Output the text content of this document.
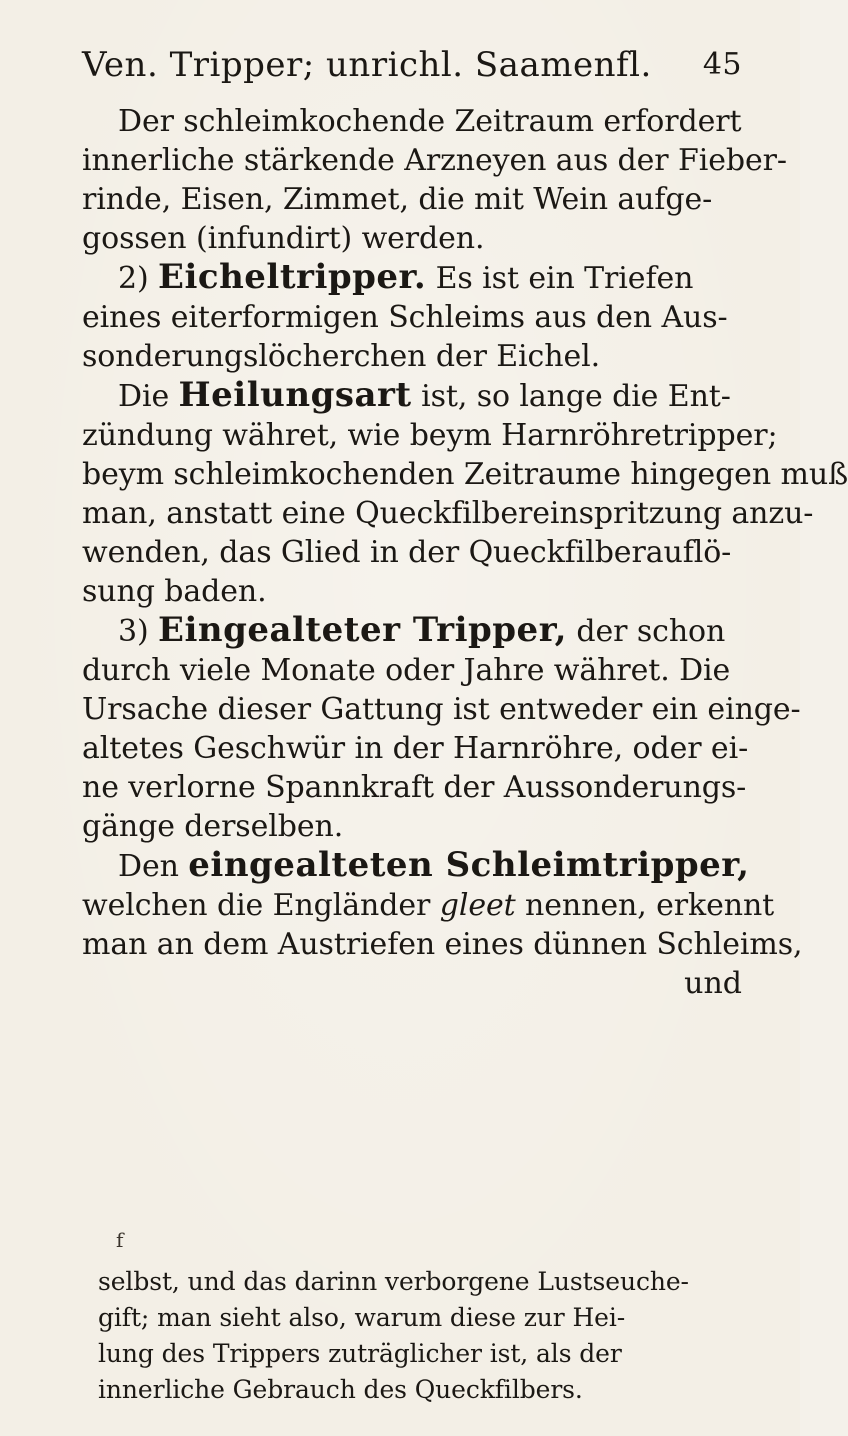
Ven. Tripper; unrichl. Saamenfl. 45
Der schleimkochende Zeitraum erfordert
innerliche stärkende Arzneyen aus der Fieber-
rinde, Eisen, Zimmet, die mit Wein aufge-
gossen (infundirt) werden.
2) Eicheltripper. Es ist ein Triefen
eines eiterformigen Schleims aus den Aus-
sonderungslöcherchen der Eichel.
Die Heilungsart ist, so lange die Ent-
zündung währet, wie beym Harnröhretripper;
beym schleimkochenden Zeitraume hingegen muß
man, anstatt eine Queckfilbereinspritzung anzu-
wenden, das Glied in der Queckfilberauflö-
sung baden.
3) Eingealteter Tripper, der schon
durch viele Monate oder Jahre währet. Die
Ursache dieser Gattung ist entweder ein einge-
altetes Geschwür in der Harnröhre, oder ei-
ne verlorne Spannkraft der Aussonderungs-
gänge derselben.
Den eingealteten Schleimtripper,
welchen die Engländer gleet nennen, erkennt
man an dem Austriefen eines dünnen Schleims,
und
f
selbst, und das darinn verborgene Lustseuche-
gift; man sieht also, warum diese zur Hei-
lung des Trippers zuträglicher ist, als der
innerliche Gebrauch des Queckfilbers.
